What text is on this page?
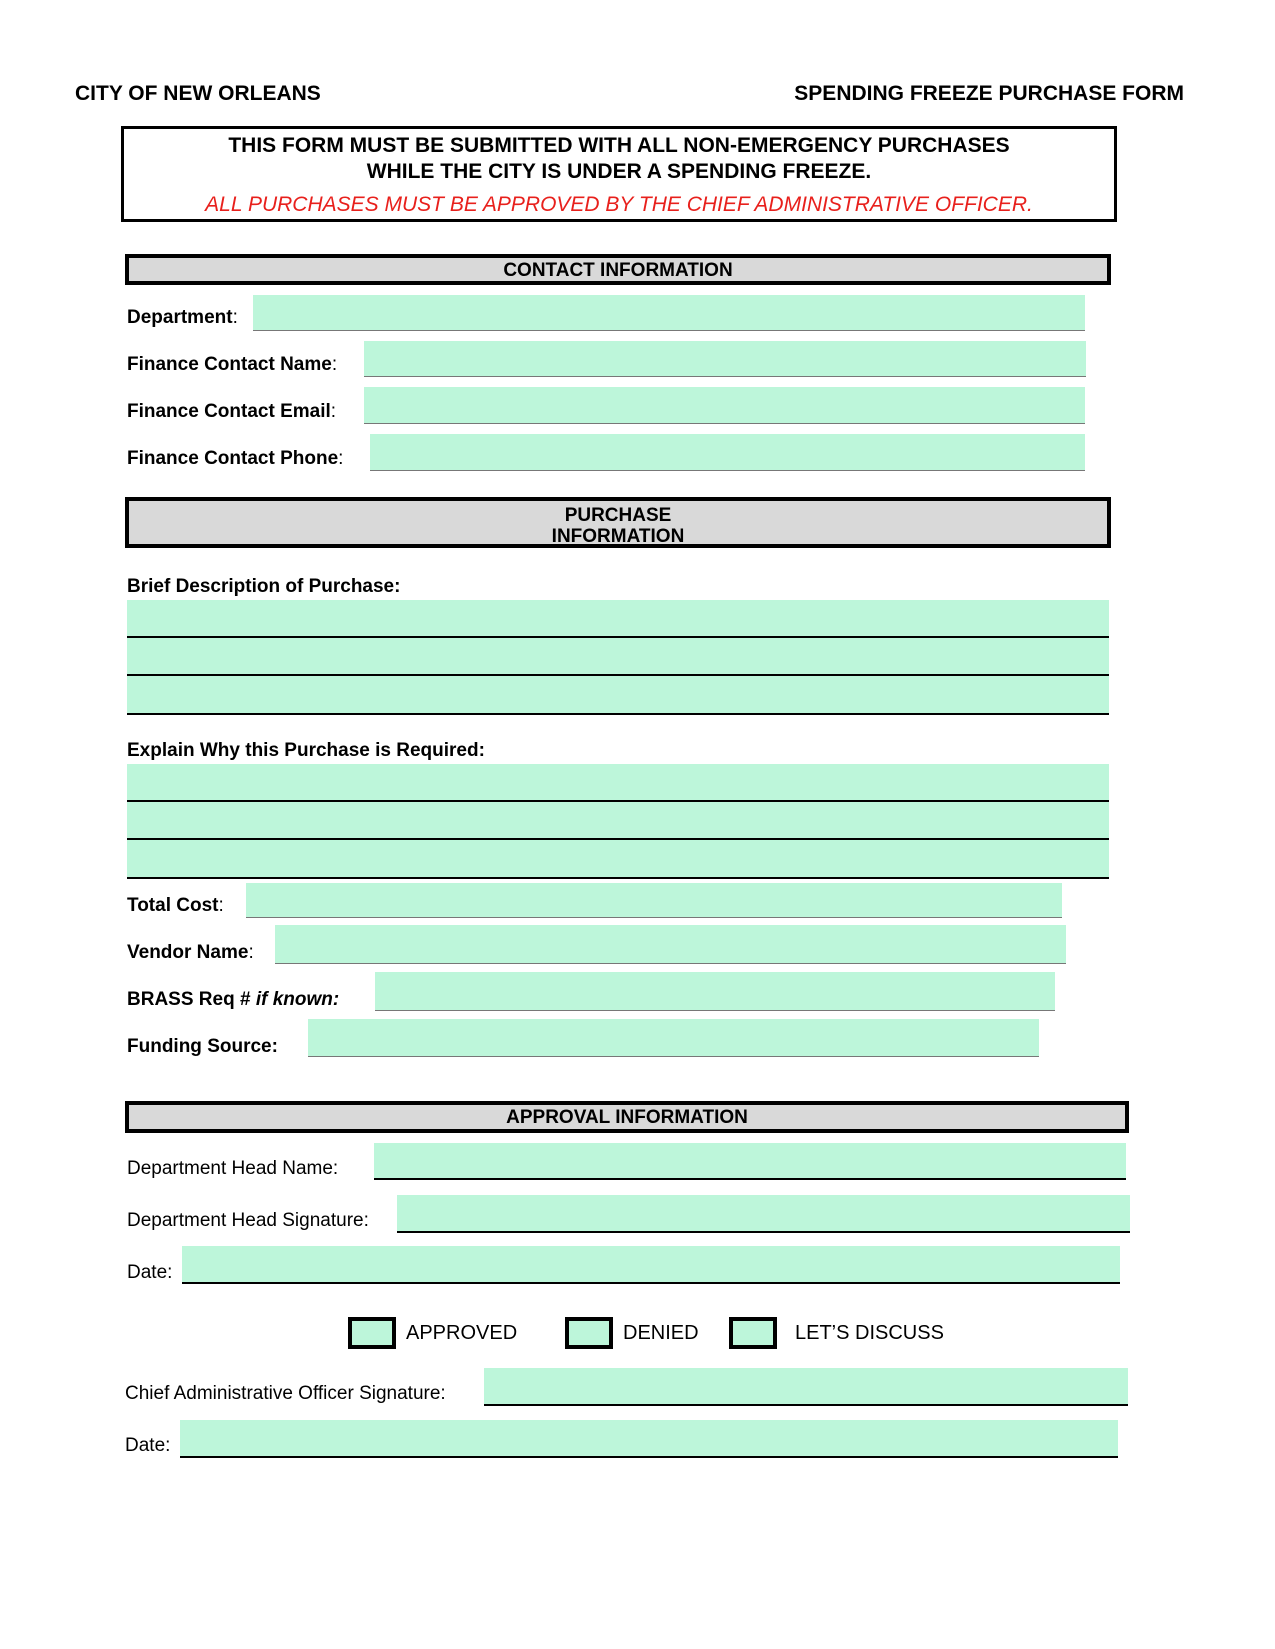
CITY OF NEW ORLEANS	SPENDING FREEZE PURCHASE FORM
THIS FORM MUST BE SUBMITTED WITH ALL NON-EMERGENCY PURCHASES
WHILE THE CITY IS UNDER A SPENDING FREEZE.
ALL PURCHASES MUST BE APPROVED BY THE CHIEF ADMINISTRATIVE OFFICER.
CONTACT INFORMATION
Department:
Finance Contact Name:
Finance Contact Email:
Finance Contact Phone:
PURCHASE
INFORMATION
Brief Description of Purchase:
Explain Why this Purchase is Required:
Total Cost:
Vendor Name:
BRASS Req # if known:
Funding Source:
APPROVAL INFORMATION
Department Head Name:
Department Head Signature:
Date:
APPROVED	DENIED	LET’S DISCUSS
Chief Administrative Officer Signature:
Date:
